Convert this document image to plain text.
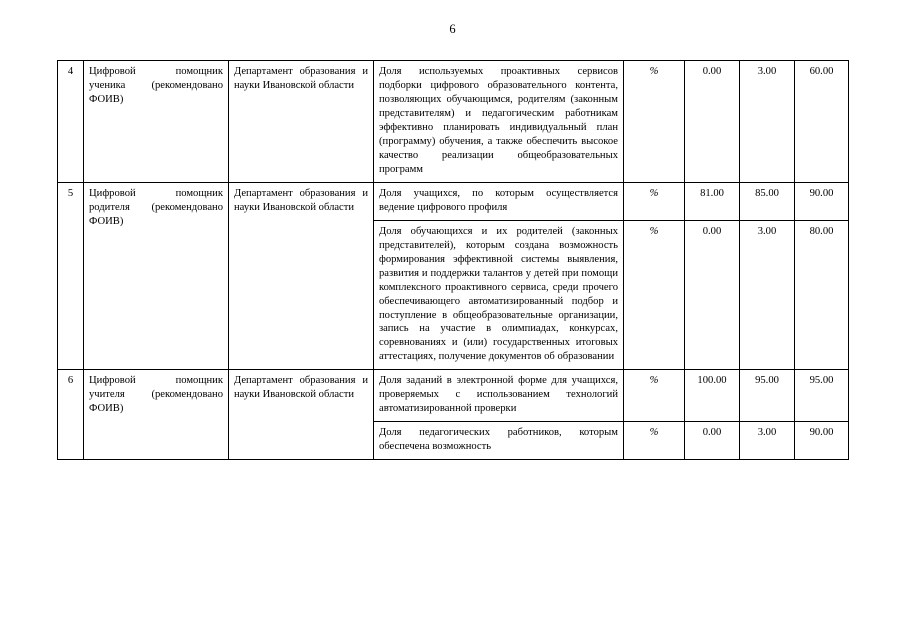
6
4	Цифровой помощник ученика (рекомендовано ФОИВ)	Департамент образования и науки Ивановской области	Доля используемых проактивных сервисов подборки цифрового образовательного контента, позволяющих обучающимся, родителям (законным представителям) и педагогическим работникам эффективно планировать индивидуальный план (программу) обучения, а также обеспечить высокое качество реализации общеобразовательных программ	%	0.00	3.00	60.00
5	Цифровой помощник родителя (рекомендовано ФОИВ)	Департамент образования и науки Ивановской области	Доля учащихся, по которым осуществляется ведение цифрового профиля	%	81.00	85.00	90.00
			Доля обучающихся и их родителей (законных представителей), которым создана возможность формирования эффективной системы выявления, развития и поддержки талантов у детей при помощи комплексного проактивного сервиса, среди прочего обеспечивающего автоматизированный подбор и поступление в общеобразовательные организации, запись на участие в олимпиадах, конкурсах, соревнованиях и (или) государственных итоговых аттестациях, получение документов об образовании	%	0.00	3.00	80.00
6	Цифровой помощник учителя (рекомендовано ФОИВ)	Департамент образования и науки Ивановской области	Доля заданий в электронной форме для учащихся, проверяемых с использованием технологий автоматизированной проверки	%	100.00	95.00	95.00
			Доля педагогических работников, которым обеспечена возможность	%	0.00	3.00	90.00
